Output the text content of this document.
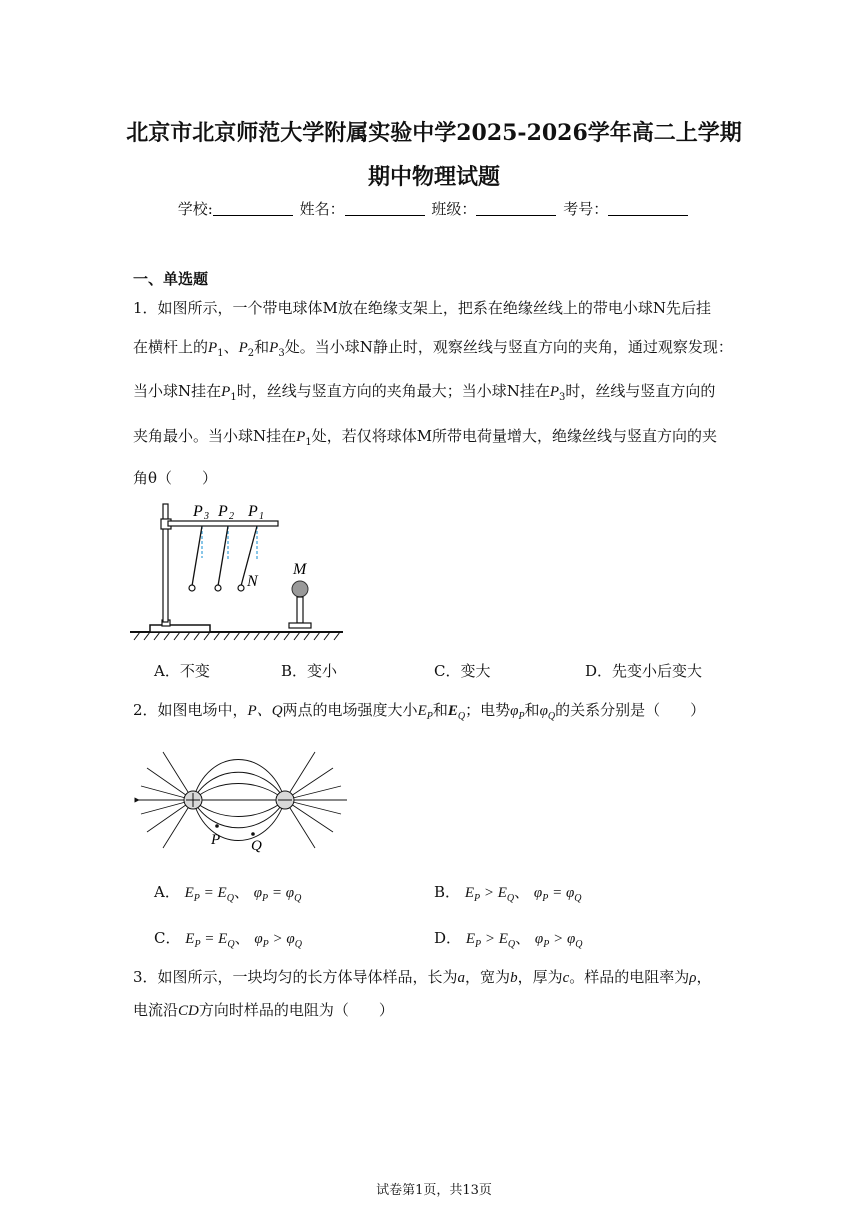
北京市北京师范大学附属实验中学2025-2026学年高二上学期
期中物理试题
学校:	姓名：	班级：	考号：
一、单选题
1．如图所示，一个带电球体M放在绝缘支架上，把系在绝缘丝线上的带电小球N先后挂
在横杆上的$P_1$、$P_2$和$P_3$处。当小球N静止时，观察丝线与竖直方向的夹角，通过观察发现：
当小球N挂在$P_1$时，丝线与竖直方向的夹角最大；当小球N挂在$P_3$时，丝线与竖直方向的
夹角最小。当小球N挂在$P_1$处，若仅将球体M所带电荷量增大，绝缘丝线与竖直方向的夹
角θ（　　）
P 3 P 2 P 1
N
M
A．不变	B．变小	C．变大	D．先变小后变大
2．如图电场中，P、Q两点的电场强度大小$E_P$和$E_Q$；电势$\varphi_P$和$\varphi_Q$的关系分别是（　　）
P Q
A． $E_P = E_Q$、 $\varphi_P = \varphi_Q$	B． $E_P > E_Q$、 $\varphi_P = \varphi_Q$
C． $E_P = E_Q$、 $\varphi_P > \varphi_Q$	D． $E_P > E_Q$、 $\varphi_P > \varphi_Q$
3．如图所示，一块均匀的长方体导体样品，长为a，宽为b，厚为c。样品的电阻率为ρ，
电流沿CD方向时样品的电阻为（　　）
试卷第1页，共13页
